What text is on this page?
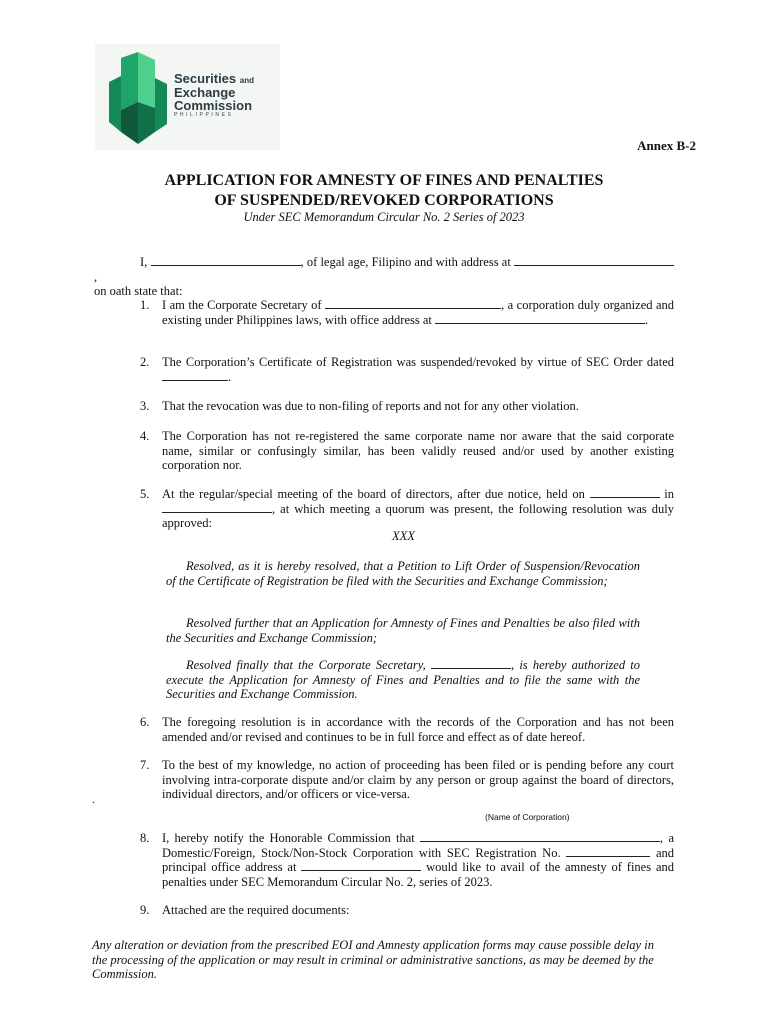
Securities and
Exchange
Commission
PHILIPPINES
Annex B-2
APPLICATION FOR AMNESTY OF FINES AND PENALTIES
OF SUSPENDED/REVOKED CORPORATIONS
Under SEC Memorandum Circular No. 2 Series of 2023
I,	, of legal age, Filipino and with address at ,
on oath state that:
1.	I am the Corporate Secretary of	, a corporation duly organized and existing under Philippines laws, with office address at	.
2.	The Corporation’s Certificate of Registration was suspended/revoked by virtue of SEC Order dated .
3.	That the revocation was due to non-filing of reports and not for any other violation.
4.	The Corporation has not re-registered the same corporate name nor aware that the said corporate name, similar or confusingly similar, has been validly reused and/or used by another existing corporation nor.
5.	At the regular/special meeting of the board of directors, after due notice, held on	in , at which meeting a quorum was present, the following resolution was duly approved:
XXX
Resolved, as it is hereby resolved, that a Petition to Lift Order of Suspension/Revocation of the Certificate of Registration be filed with the Securities and Exchange Commission;
Resolved further that an Application for Amnesty of Fines and Penalties be also filed with the Securities and Exchange Commission;
Resolved finally that the Corporate Secretary,	, is hereby authorized to execute the Application for Amnesty of Fines and Penalties and to file the same with the Securities and Exchange Commission.
6.	The foregoing resolution is in accordance with the records of the Corporation and has not been amended and/or revised and continues to be in full force and effect as of date hereof.
7.	To the best of my knowledge, no action of proceeding has been filed or is pending before any court involving intra-corporate dispute and/or claim by any person or group against the board of directors, individual directors, and/or officers or vice-versa.
.
(Name of Corporation)
8.	I, hereby notify the Honorable Commission that	, a Domestic/Foreign, Stock/Non-Stock Corporation with SEC Registration No.	and principal office address at	would like to avail of the amnesty of fines and penalties under SEC Memorandum Circular No. 2, series of 2023.
9.	Attached are the required documents:
Any alteration or deviation from the prescribed EOI and Amnesty application forms may cause possible delay in the processing of the application or may result in criminal or administrative sanctions, as may be deemed by the Commission.
